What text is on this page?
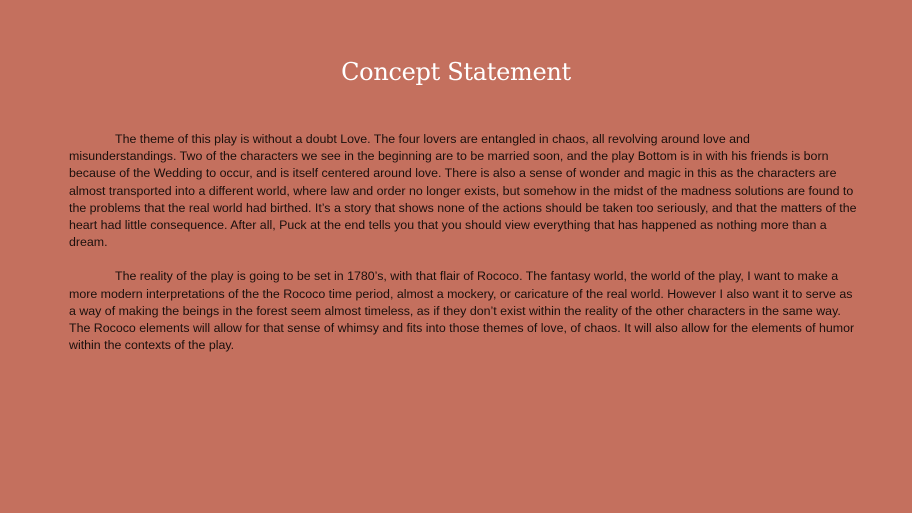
Concept Statement

The theme of this play is without a doubt Love. The four lovers are entangled in chaos, all revolving around love and misunderstandings. Two of the characters we see in the beginning are to be married soon, and the play Bottom is in with his friends is born because of the Wedding to occur, and is itself centered around love. There is also a sense of wonder and magic in this as the characters are almost transported into a different world, where law and order no longer exists, but somehow in the midst of the madness solutions are found to the problems that the real world had birthed. It’s a story that shows none of the actions should be taken too seriously, and that the matters of the heart had little consequence. After all, Puck at the end tells you that you should view everything that has happened as nothing more than a dream.

The reality of the play is going to be set in 1780’s, with that flair of Rococo. The fantasy world, the world of the play, I want to make a more modern interpretations of the the Rococo time period, almost a mockery, or caricature of the real world. However I also want it to serve as a way of making the beings in the forest seem almost timeless, as if they don’t exist within the reality of the other characters in the same way. The Rococo elements will allow for that sense of whimsy and fits into those themes of love, of chaos. It will also allow for the elements of humor within the contexts of the play.
